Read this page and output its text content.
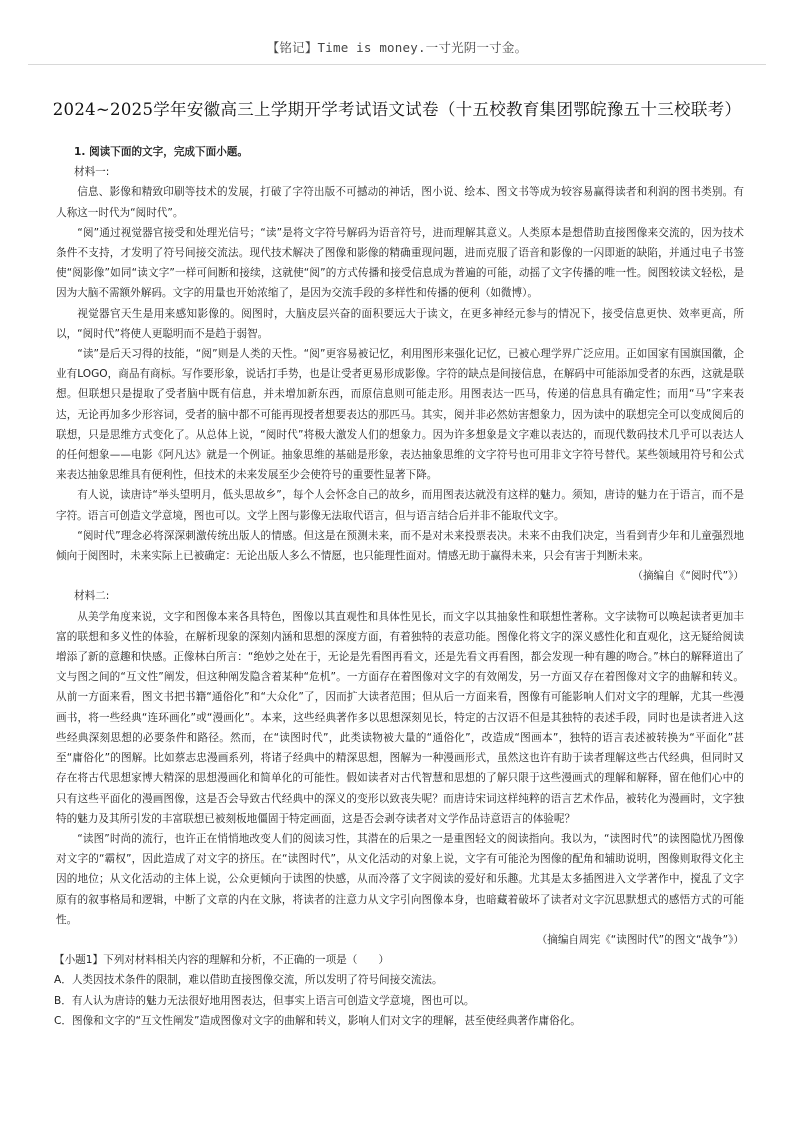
【铭记】Time is money.一寸光阴一寸金。
2024~2025学年安徽高三上学期开学考试语文试卷（十五校教育集团鄂皖豫五十三校联考）
1. 阅读下面的文字，完成下面小题。
材料一:

信息、影像和精致印刷等技术的发展，打破了字符出版不可撼动的神话，图小说、绘本、图文书等成为较容易赢得读者和利润的图书类别。有人称这一时代为“阅时代”。

“阅”通过视觉器官接受和处理光信号；“读”是将文字符号解码为语音符号，进而理解其意义。人类原本是想借助直接图像来交流的，因为技术条件不支持，才发明了符号间接交流法。现代技术解决了图像和影像的精确重现问题，进而克服了语音和影像的一闪即逝的缺陷，并通过电子书签使“阅影像”如同“读文字”一样可间断和接续，这就使“阅”的方式传播和接受信息成为普遍的可能，动摇了文字传播的唯一性。阅图较读文轻松，是因为大脑不需额外解码。文字的用量也开始浓缩了，是因为交流手段的多样性和传播的便利（如微博）。

视觉器官天生是用来感知影像的。阅图时，大脑皮层兴奋的面积要远大于读文，在更多神经元参与的情况下，接受信息更快、效率更高，所以，“阅时代”将使人更聪明而不是趋于弱智。

“读”是后天习得的技能，“阅”则是人类的天性。“阅”更容易被记忆，利用图形来强化记忆，已被心理学界广泛应用。正如国家有国旗国徽，企业有LOGO，商品有商标。写作要形象，说话打手势，也是让受者更易形成影像。字符的缺点是间接信息，在解码中可能添加受者的东西，这就是联想。但联想只是提取了受者脑中既有信息，并未增加新东西，而原信息则可能走形。用图表达一匹马，传递的信息具有确定性；而用“马”字来表达，无论再加多少形容词，受者的脑中都不可能再现授者想要表达的那匹马。其实，阅并非必然妨害想象力，因为读中的联想完全可以变成阅后的联想，只是思维方式变化了。从总体上说，“阅时代”将极大激发人们的想象力。因为许多想象是文字难以表达的，而现代数码技术几乎可以表达人的任何想象——电影《阿凡达》就是一个例证。抽象思维的基础是形象，表达抽象思维的文字符号也可用非文字符号替代。某些领域用符号和公式来表达抽象思维具有便利性，但技术的未来发展至少会使符号的重要性显著下降。

有人说，读唐诗“举头望明月，低头思故乡”，每个人会怀念自己的故乡，而用图表达就没有这样的魅力。须知，唐诗的魅力在于语言，而不是字符。语言可创造文学意境，图也可以。文学上图与影像无法取代语言，但与语言结合后并非不能取代文字。

“阅时代”理念必将深深刺激传统出版人的情感。但这是在预测未来，而不是对未来投票表决。未来不由我们决定，当看到青少年和儿童强烈地倾向于阅图时，未来实际上已被确定：无论出版人多么不情愿，也只能理性面对。情感无助于赢得未来，只会有害于判断未来。

（摘编自《“阅时代”》）
材料二:

从美学角度来说，文字和图像本来各具特色，图像以其直观性和具体性见长，而文字以其抽象性和联想性著称。文字读物可以唤起读者更加丰富的联想和多义性的体验，在解析现象的深刻内涵和思想的深度方面，有着独特的表意功能。图像化将文字的深义感性化和直观化，这无疑给阅读增添了新的意趣和快感。正像林白所言：“绝妙之处在于，无论是先看图再看文，还是先看文再看图，都会发现一种有趣的吻合。”林白的解释道出了文与图之间的“互文性”阐发，但这种阐发隐含着某种“危机”。一方面存在着图像对文字的有效阐发，另一方面又存在着图像对文字的曲解和转义。从前一方面来看，图文书把书籍“通俗化”和“大众化”了，因而扩大读者范围；但从后一方面来看，图像有可能影响人们对文字的理解，尤其一些漫画书，将一些经典“连环画化”或“漫画化”。本来，这些经典著作多以思想深刻见长，特定的古汉语不但是其独特的表述手段，同时也是读者进入这些经典深刻思想的必要条件和路径。然而，在“读图时代”，此类读物被大量的“通俗化”，改造成“图画本”，独特的语言表述被转换为“平面化”甚至“庸俗化”的图解。比如蔡志忠漫画系列，将诸子经典中的精深思想，图解为一种漫画形式，虽然这也许有助于读者理解这些古代经典，但同时又存在将古代思想家博大精深的思想漫画化和简单化的可能性。假如读者对古代智慧和思想的了解只限于这些漫画式的理解和解释，留在他们心中的只有这些平面化的漫画图像，这是否会导致古代经典中的深义的变形以致丧失呢？而唐诗宋词这样纯粹的语言艺术作品，被转化为漫画时，文字独特的魅力及其所引发的丰富联想已被刻板地僵固于特定画面，这是否会剥夺读者对文学作品诗意语言的体验呢？

“读图”时尚的流行，也许正在悄悄地改变人们的阅读习性，其潜在的后果之一是重图轻文的阅读指向。我以为，“读图时代”的读图隐忧乃图像对文字的“霸权”，因此造成了对文字的挤压。在“读图时代”，从文化活动的对象上说，文字有可能沦为图像的配角和辅助说明，图像则取得文化主因的地位；从文化活动的主体上说，公众更倾向于读图的快感，从而冷落了文字阅读的爱好和乐趣。尤其是太多插图进入文学著作中，搅乱了文字原有的叙事格局和逻辑，中断了文章的内在文脉，将读者的注意力从文字引向图像本身，也暗藏着破坏了读者对文字沉思默想式的感悟方式的可能性。

（摘编自周宪《“读图时代”的图文“战争”》）
【小题1】下列对材料相关内容的理解和分析，不正确的一项是（　　）
A．人类因技术条件的限制，难以借助直接图像交流，所以发明了符号间接交流法。
B．有人认为唐诗的魅力无法很好地用图表达，但事实上语言可创造文学意境，图也可以。
C．图像和文字的“互文性阐发”造成图像对文字的曲解和转义，影响人们对文字的理解，甚至使经典著作庸俗化。
